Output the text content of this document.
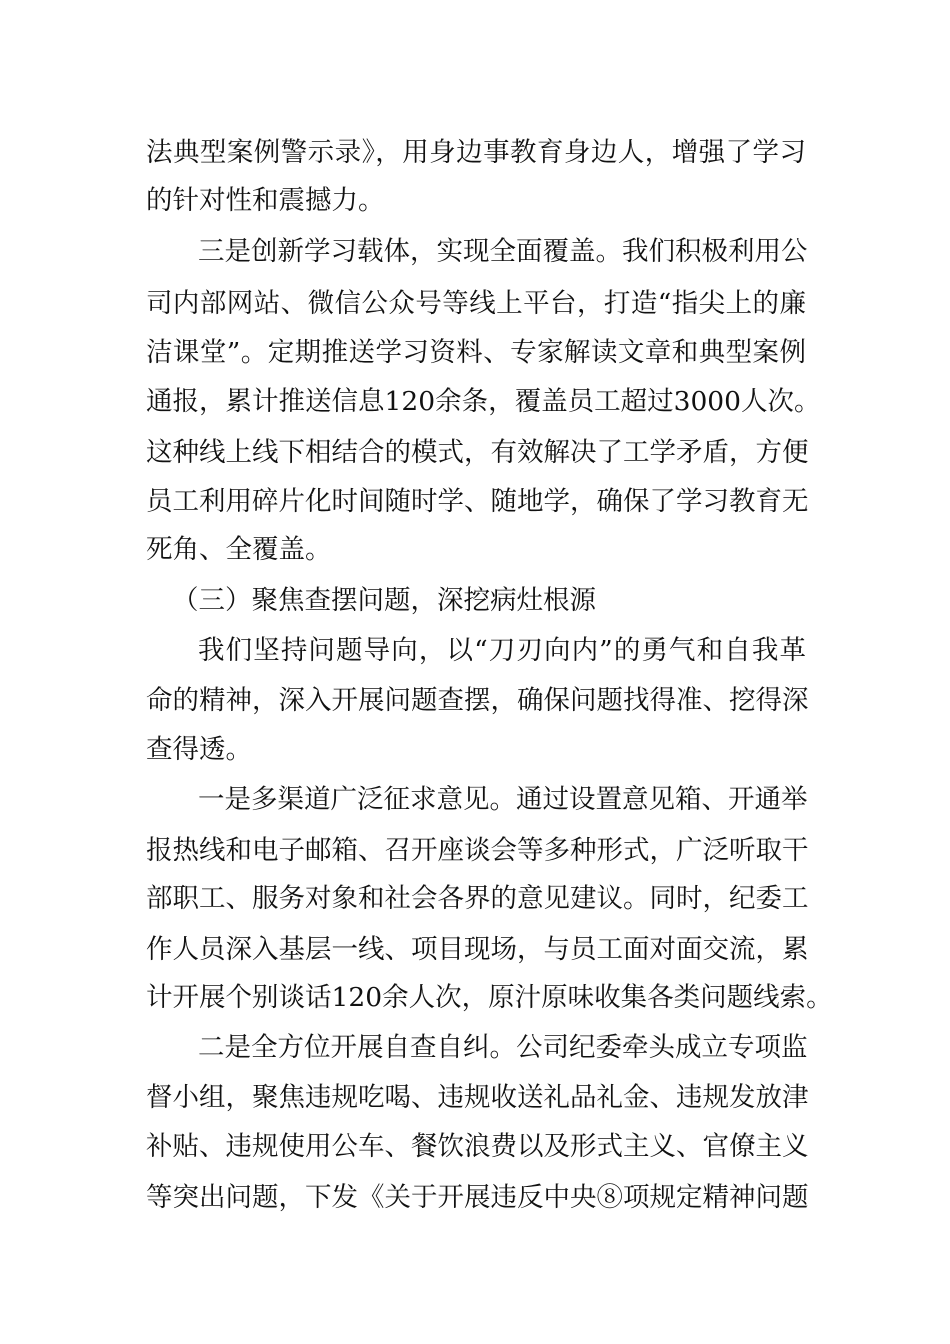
法典型案例警示录》，用身边事教育身边人，增强了学习
的针对性和震撼力。
三是创新学习载体，实现全面覆盖。我们积极利用公
司内部网站、微信公众号等线上平台，打造“指尖上的廉
洁课堂”。定期推送学习资料、专家解读文章和典型案例
通报，累计推送信息120余条，覆盖员工超过3000人次。
这种线上线下相结合的模式，有效解决了工学矛盾，方便
员工利用碎片化时间随时学、随地学，确保了学习教育无
死角、全覆盖。
（三）聚焦查摆问题，深挖病灶根源
我们坚持问题导向，以“刀刃向内”的勇气和自我革
命的精神，深入开展问题查摆，确保问题找得准、挖得深
查得透。
一是多渠道广泛征求意见。通过设置意见箱、开通举
报热线和电子邮箱、召开座谈会等多种形式，广泛听取干
部职工、服务对象和社会各界的意见建议。同时，纪委工
作人员深入基层一线、项目现场，与员工面对面交流，累
计开展个别谈话120余人次，原汁原味收集各类问题线索。
二是全方位开展自查自纠。公司纪委牵头成立专项监
督小组，聚焦违规吃喝、违规收送礼品礼金、违规发放津
补贴、违规使用公车、餐饮浪费以及形式主义、官僚主义
等突出问题，下发《关于开展违反中央⑧项规定精神问题
